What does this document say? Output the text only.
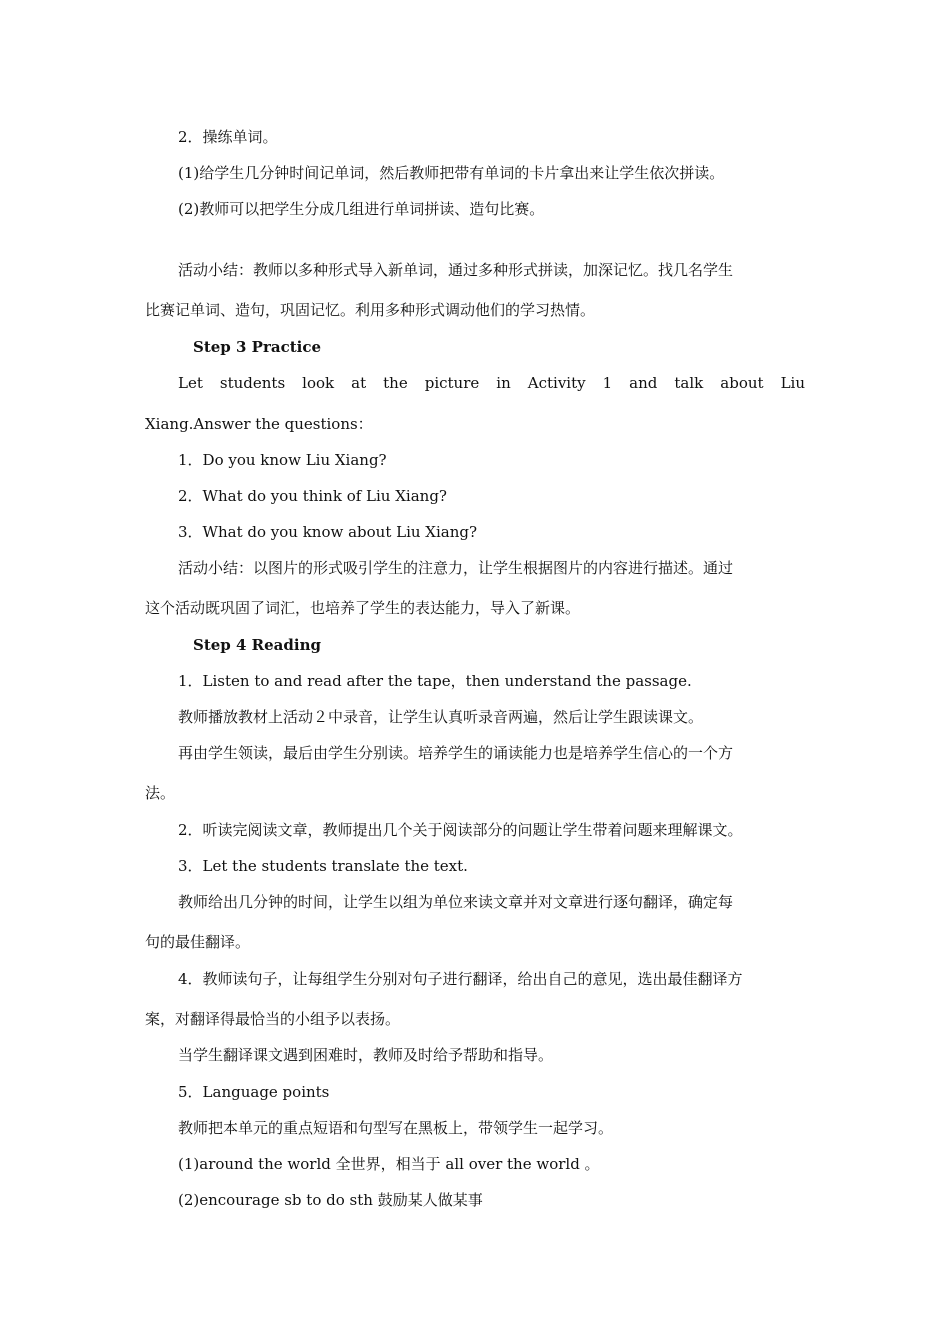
2．操练单词。
(1)给学生几分钟时间记单词，然后教师把带有单词的卡片拿出来让学生依次拼读。
(2)教师可以把学生分成几组进行单词拼读、造句比赛。
活动小结：教师以多种形式导入新单词，通过多种形式拼读，加深记忆。找几名学生
比赛记单词、造句，巩固记忆。利用多种形式调动他们的学习热情。
Step 3 Practice
Let students look at the picture in Activity 1 and talk about Liu
Xiang.Answer the questions：
1．Do you know Liu Xiang?
2．What do you think of Liu Xiang?
3．What do you know about Liu Xiang?
活动小结：以图片的形式吸引学生的注意力，让学生根据图片的内容进行描述。通过
这个活动既巩固了词汇，也培养了学生的表达能力，导入了新课。
Step 4 Reading
1．Listen to and read after the tape，then understand the passage.
教师播放教材上活动２中录音，让学生认真听录音两遍，然后让学生跟读课文。
再由学生领读，最后由学生分别读。培养学生的诵读能力也是培养学生信心的一个方
法。
2．听读完阅读文章，教师提出几个关于阅读部分的问题让学生带着问题来理解课文。
3．Let the students translate the text.
教师给出几分钟的时间，让学生以组为单位来读文章并对文章进行逐句翻译，确定每
句的最佳翻译。
4．教师读句子，让每组学生分别对句子进行翻译，给出自己的意见，选出最佳翻译方
案，对翻译得最恰当的小组予以表扬。
当学生翻译课文遇到困难时，教师及时给予帮助和指导。
5．Language points
教师把本单元的重点短语和句型写在黑板上，带领学生一起学习。
(1)around the world 全世界，相当于 all over the world 。
(2)encourage sb to do sth 鼓励某人做某事
